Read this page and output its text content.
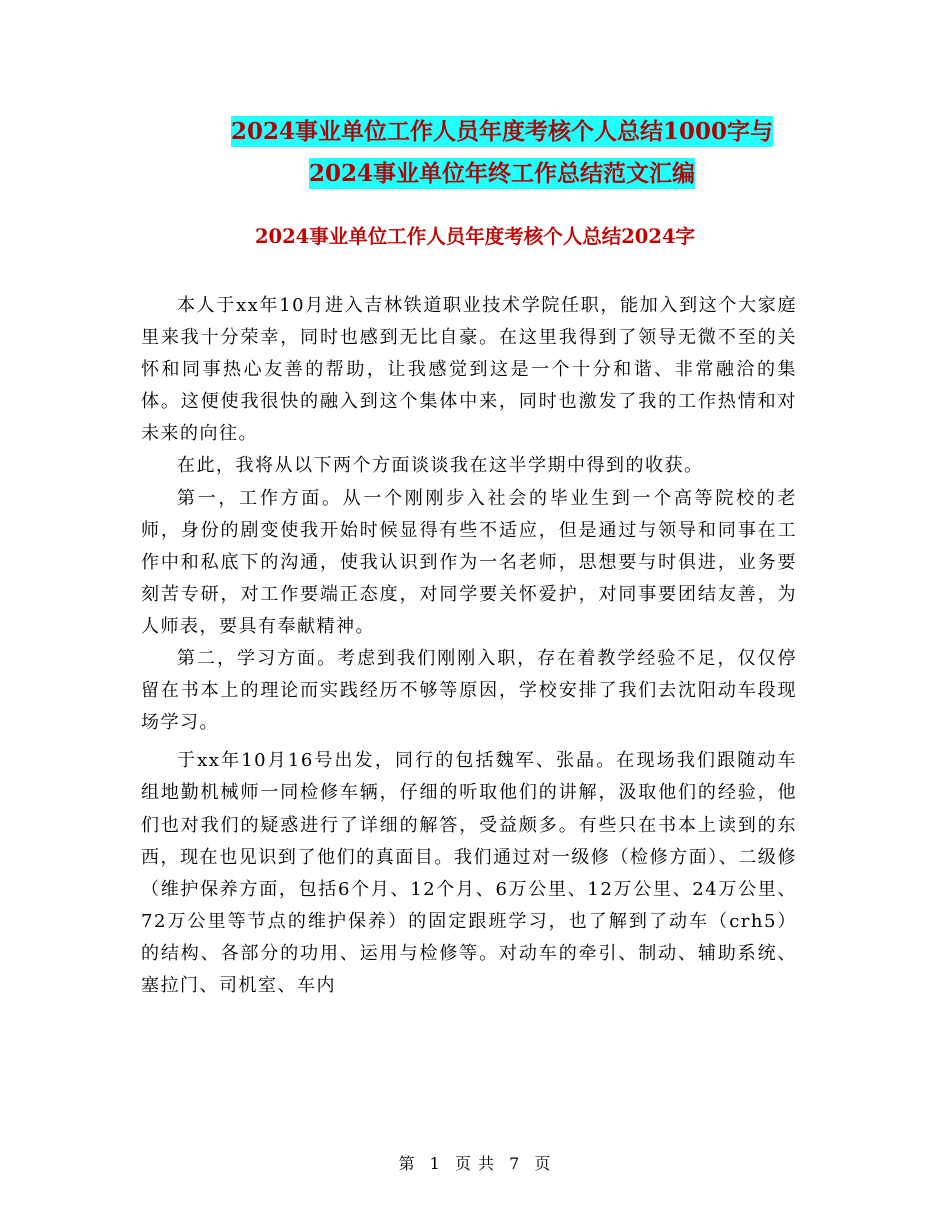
2024事业单位工作人员年度考核个人总结1000字与
2024事业单位年终工作总结范文汇编
2024事业单位工作人员年度考核个人总结2024字

本人于xx年10月进入吉林铁道职业技术学院任职，能加入到这个大家庭里来我十分荣幸，同时也感到无比自豪。在这里我得到了领导无微不至的关怀和同事热心友善的帮助，让我感觉到这是一个十分和谐、非常融洽的集体。这便使我很快的融入到这个集体中来，同时也激发了我的工作热情和对未来的向往。

在此，我将从以下两个方面谈谈我在这半学期中得到的收获。

第一，工作方面。从一个刚刚步入社会的毕业生到一个高等院校的老师，身份的剧变使我开始时候显得有些不适应，但是通过与领导和同事在工作中和私底下的沟通，使我认识到作为一名老师，思想要与时俱进，业务要刻苦专研，对工作要端正态度，对同学要关怀爱护，对同事要团结友善，为人师表，要具有奉献精神。

第二，学习方面。考虑到我们刚刚入职，存在着教学经验不足，仅仅停留在书本上的理论而实践经历不够等原因，学校安排了我们去沈阳动车段现场学习。

于xx年10月16号出发，同行的包括魏军、张晶。在现场我们跟随动车组地勤机械师一同检修车辆，仔细的听取他们的讲解，汲取他们的经验，他们也对我们的疑惑进行了详细的解答，受益颇多。有些只在书本上读到的东西，现在也见识到了他们的真面目。我们通过对一级修（检修方面）、二级修（维护保养方面，包括6个月、12个月、6万公里、12万公里、24万公里、72万公里等节点的维护保养）的固定跟班学习，也了解到了动车（crh5）的结构、各部分的功用、运用与检修等。对动车的牵引、制动、辅助系统、塞拉门、司机室、车内

第 1 页 共 7 页
